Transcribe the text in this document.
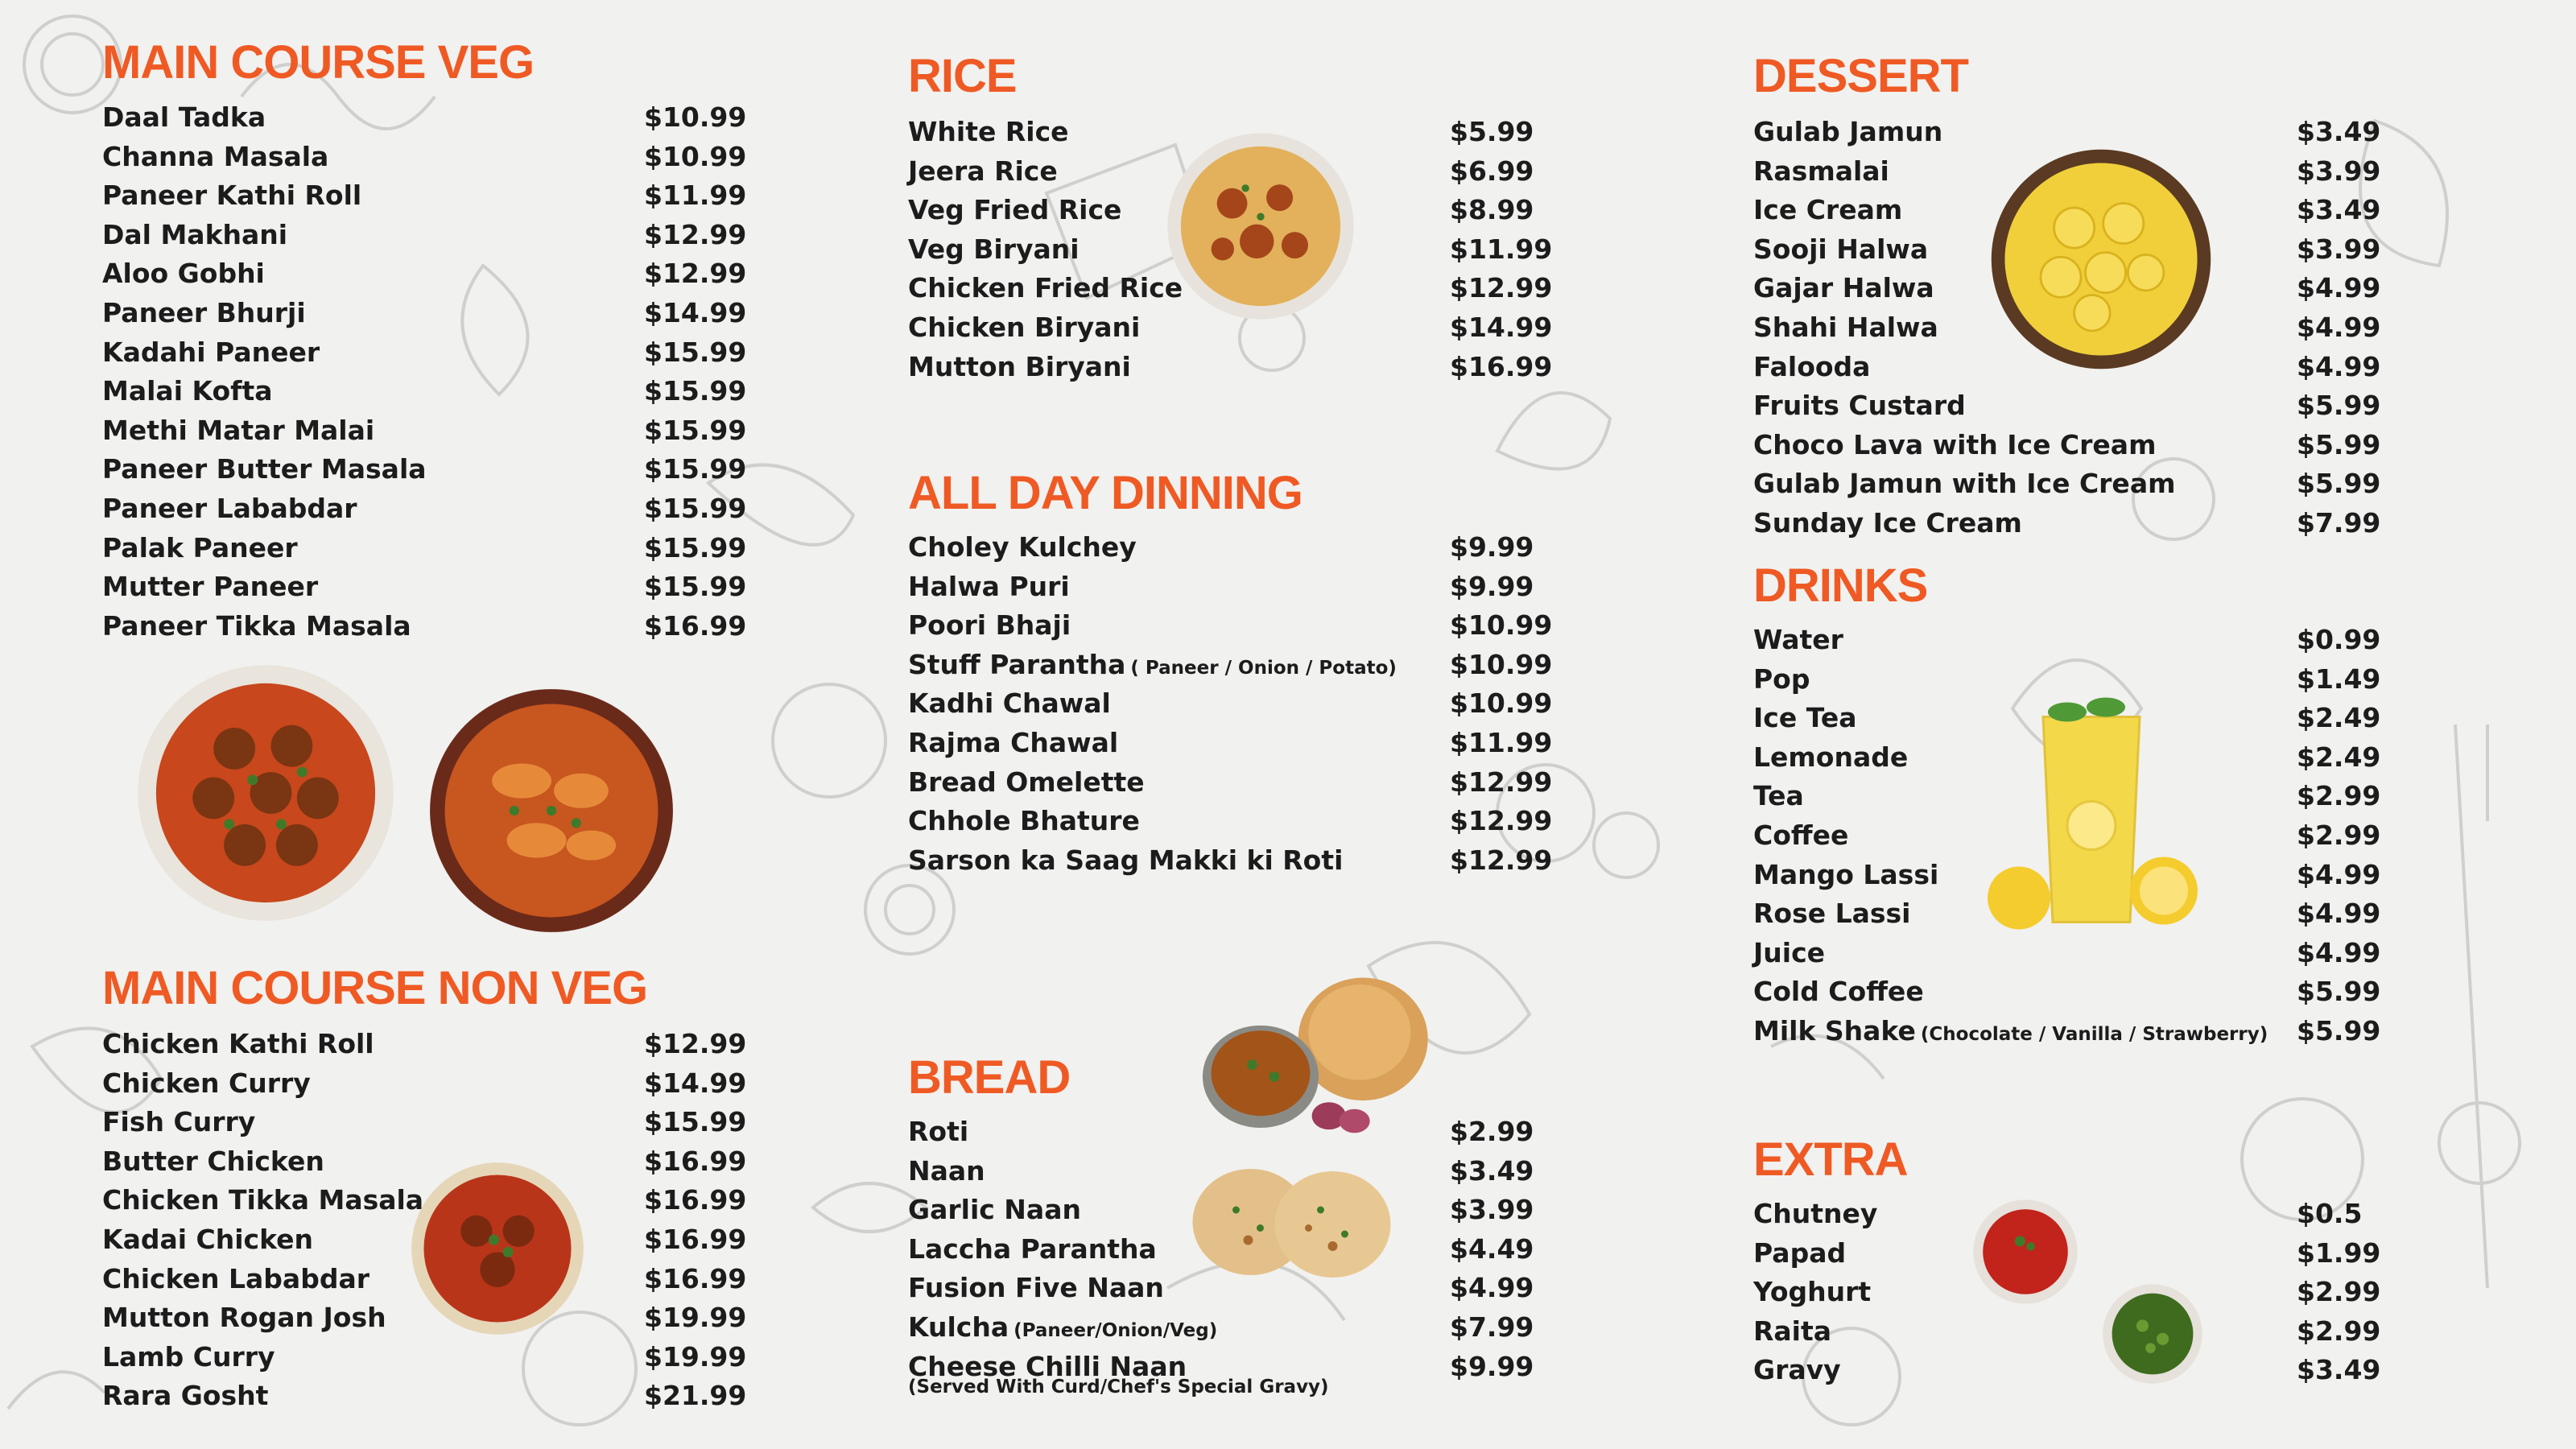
MAIN COURSE VEG
Daal Tadka	$10.99
Channa Masala	$10.99
Paneer Kathi Roll	$11.99
Dal Makhani	$12.99
Aloo Gobhi	$12.99
Paneer Bhurji	$14.99
Kadahi Paneer	$15.99
Malai Kofta	$15.99
Methi Matar Malai	$15.99
Paneer Butter Masala	$15.99
Paneer Lababdar	$15.99
Palak Paneer	$15.99
Mutter Paneer	$15.99
Paneer Tikka Masala	$16.99
MAIN COURSE NON VEG
Chicken Kathi Roll	$12.99
Chicken Curry	$14.99
Fish Curry	$15.99
Butter Chicken	$16.99
Chicken Tikka Masala	$16.99
Kadai Chicken	$16.99
Chicken Lababdar	$16.99
Mutton Rogan Josh	$19.99
Lamb Curry	$19.99
Rara Gosht	$21.99
RICE
White Rice	$5.99
Jeera Rice	$6.99
Veg Fried Rice	$8.99
Veg Biryani	$11.99
Chicken Fried Rice	$12.99
Chicken Biryani	$14.99
Mutton Biryani	$16.99
ALL DAY DINNING
Choley Kulchey	$9.99
Halwa Puri	$9.99
Poori Bhaji	$10.99
Stuff Parantha ( Paneer / Onion / Potato) $10.99
Kadhi Chawal	$10.99
Rajma Chawal	$11.99
Bread Omelette	$12.99
Chhole Bhature	$12.99
Sarson ka Saag Makki ki Roti	$12.99
BREAD
Roti	$2.99
Naan	$3.49
Garlic Naan	$3.99
Laccha Parantha	$4.49
Fusion Five Naan	$4.99
Kulcha (Paneer/Onion/Veg)	$7.99
Cheese Chilli Naan	$9.99
(Served With Curd/Chef's Special Gravy)
DESSERT
Gulab Jamun	$3.49
Rasmalai	$3.99
Ice Cream	$3.49
Sooji Halwa	$3.99
Gajar Halwa	$4.99
Shahi Halwa	$4.99
Falooda	$4.99
Fruits Custard	$5.99
Choco Lava with Ice Cream	$5.99
Gulab Jamun with Ice Cream	$5.99
Sunday Ice Cream	$7.99
DRINKS
Water	$0.99
Pop	$1.49
Ice Tea	$2.49
Lemonade	$2.49
Tea	$2.99
Coffee	$2.99
Mango Lassi	$4.99
Rose Lassi	$4.99
Juice	$4.99
Cold Coffee	$5.99
Milk Shake (Chocolate / Vanilla / Strawberry) $5.99
EXTRA
Chutney	$0.5
Papad	$1.99
Yoghurt	$2.99
Raita	$2.99
Gravy	$3.49
